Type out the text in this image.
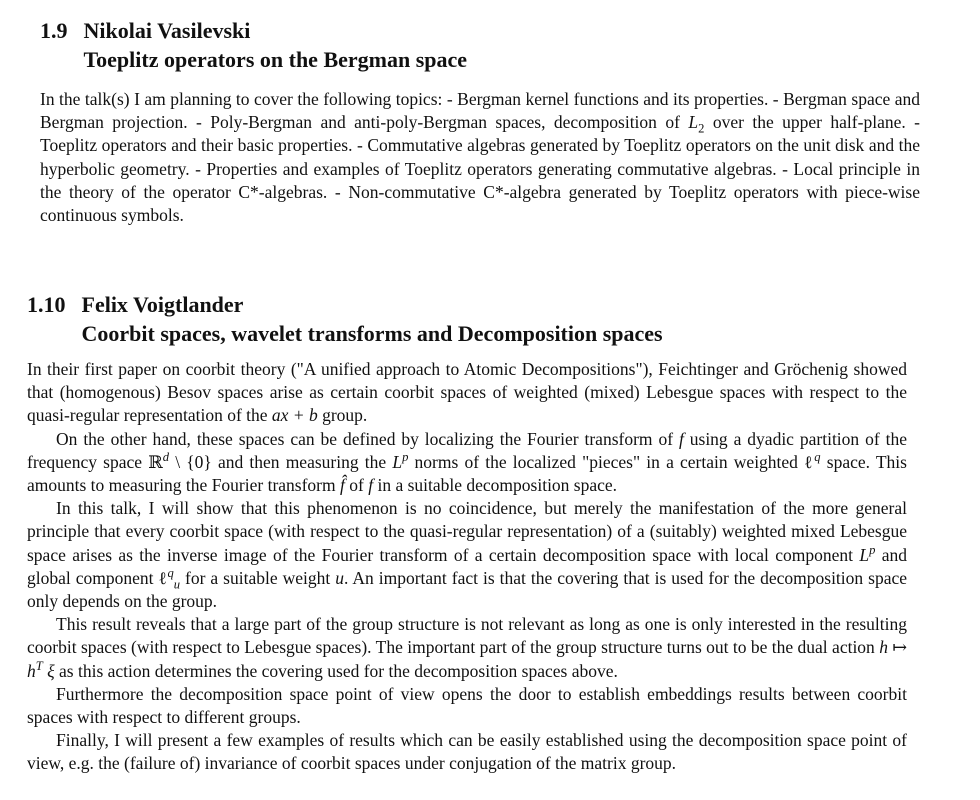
1.9 Nikolai Vasilevski
Toeplitz operators on the Bergman space

In the talk(s) I am planning to cover the following topics: - Bergman kernel functions and its properties. - Bergman space and Bergman projection. - Poly-Bergman and anti-poly-Bergman spaces, decomposition of $L_2$ over the upper half-plane. - Toeplitz operators and their basic properties. - Commutative algebras generated by Toeplitz operators on the unit disk and the hyperbolic geometry. - Properties and examples of Toeplitz operators generating commutative algebras. - Local principle in the theory of the operator C*-algebras. - Non-commutative C*-algebra generated by Toeplitz operators with piece-wise continuous symbols.

1.10 Felix Voigtlander
Coorbit spaces, wavelet transforms and Decomposition spaces

In their first paper on coorbit theory ("A unified approach to Atomic Decompositions"), Feichtinger and Gröchenig showed that (homogenous) Besov spaces arise as certain coorbit spaces of weighted (mixed) Lebesgue spaces with respect to the quasi-regular representation of the ax + b group.

On the other hand, these spaces can be defined by localizing the Fourier transform of f using a dyadic partition of the frequency space ℝ$^d$ \ {0} and then measuring the $L^p$ norms of the localized "pieces" in a certain weighted ℓ$^q$ space. This amounts to measuring the Fourier transform f̂ of f in a suitable decomposition space.

In this talk, I will show that this phenomenon is no coincidence, but merely the manifestation of the more general principle that every coorbit space (with respect to the quasi-regular representation) of a (suitably) weighted mixed Lebesgue space arises as the inverse image of the Fourier transform of a certain decomposition space with local component $L^p$ and global component ℓ$^q_u$ for a suitable weight u. An important fact is that the covering that is used for the decomposition space only depends on the group.

This result reveals that a large part of the group structure is not relevant as long as one is only interested in the resulting coorbit spaces (with respect to Lebesgue spaces). The important part of the group structure turns out to be the dual action h ↦ $h^T$ ξ as this action determines the covering used for the decomposition spaces above.

Furthermore the decomposition space point of view opens the door to establish embeddings results between coorbit spaces with respect to different groups.

Finally, I will present a few examples of results which can be easily established using the decomposition space point of view, e.g. the (failure of) invariance of coorbit spaces under conjugation of the matrix group.
